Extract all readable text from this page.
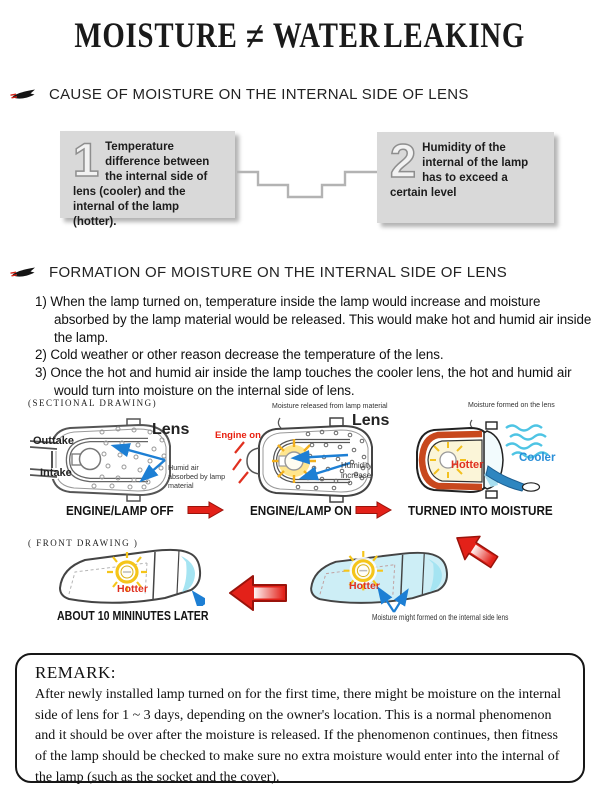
MOISTURE ≠ WATER LEAKING
CAUSE OF MOISTURE ON THE INTERNAL SIDE OF LENS
1 Temperature difference between the internal side of lens (cooler) and the internal of the lamp (hotter).
2 Humidity of the internal of the lamp has to exceed a certain level
FORMATION OF MOISTURE ON THE INTERNAL SIDE OF LENS

1) When the lamp turned on, temperature inside the lamp would increase and moisture absorbed by the lamp material would be released. This would make hot and humid air inside the lamp.

2) Cold weather or other reason decrease the temperature of the lens.

3) Once the hot and humid air inside the lamp touches the cooler lens, the hot and humid air would turn into moisture on the internal side of lens.

(SECTIONAL DRAWING)
Lens
Outtake
Intake	Humid air absorbed by lamp material
ENGINE/LAMP OFF
Moisture released from lamp material
Lens
Engine on
Humidity increase
ENGINE/LAMP ON
Moisture formed on the lens
Hotter
Cooler
TURNED INTO MOISTURE
( FRONT DRAWING )
Hotter
ABOUT 10 MININUTES LATER
Hotter
Moisture might formed on the internal side lens

REMARK:

After newly installed lamp turned on for the first time, there might be moisture on the internal side of lens for 1 ~ 3 days, depending on the owner's location. This is a normal phenomenon and it should be over after the moisture is released. If the phenomenon continues, then fitness of the lamp should be checked to make sure no extra moisture would enter into the internal of the lamp (such as the socket and the cover).
